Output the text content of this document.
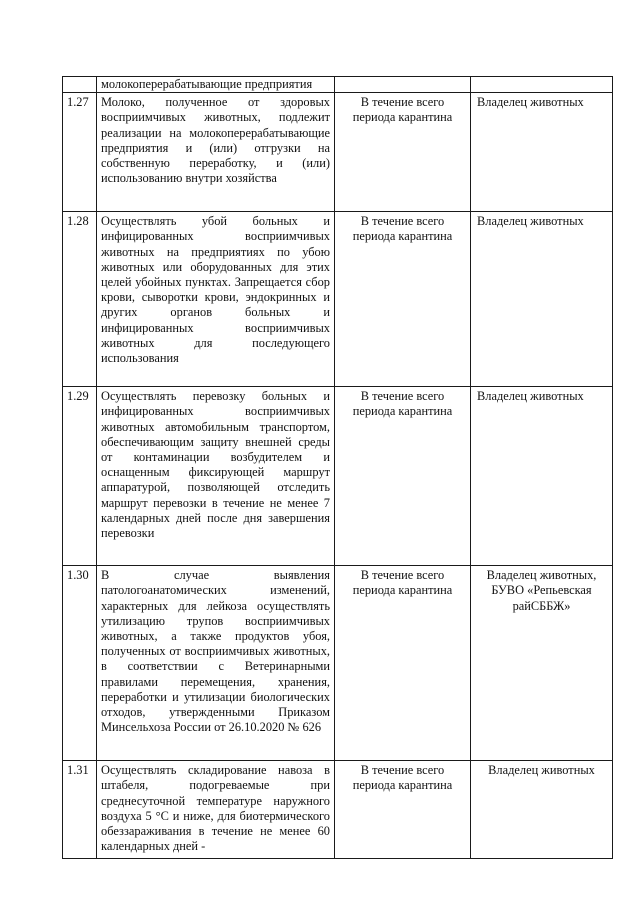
	молокоперерабатывающие предприятия		
1.27	Молоко, полученное от здоровых восприимчивых животных, подлежит реализации на молокоперерабатывающие предприятия и (или) отгрузки на собственную переработку, и (или) использованию внутри хозяйства	В течение всего периода карантина	Владелец животных
1.28	Осуществлять убой больных и инфицированных восприимчивых животных на предприятиях по убою животных или оборудованных для этих целей убойных пунктах. Запрещается сбор крови, сыворотки крови, эндокринных и других органов больных и инфицированных восприимчивых животных для последующего использования	В течение всего периода карантина	Владелец животных
1.29	Осуществлять перевозку больных и инфицированных восприимчивых животных автомобильным транспортом, обеспечивающим защиту внешней среды от контаминации возбудителем и оснащенным фиксирующей маршрут аппаратурой, позволяющей отследить маршрут перевозки в течение не менее 7 календарных дней после дня завершения перевозки	В течение всего периода карантина	Владелец животных
1.30	В случае выявления патологоанатомических изменений, характерных для лейкоза осуществлять утилизацию трупов восприимчивых животных, а также продуктов убоя, полученных от восприимчивых животных, в соответствии с Ветеринарными правилами перемещения, хранения, переработки и утилизации биологических отходов, утвержденными Приказом Минсельхоза России от 26.10.2020 № 626	В течение всего периода карантина	Владелец животных, БУВО «Репьевская райСББЖ»
1.31	Осуществлять складирование навоза в штабеля, подогреваемые при среднесуточной температуре наружного воздуха 5 °С и ниже, для биотермического обеззараживания в течение не менее 60 календарных дней -	В течение всего периода карантина	Владелец животных
